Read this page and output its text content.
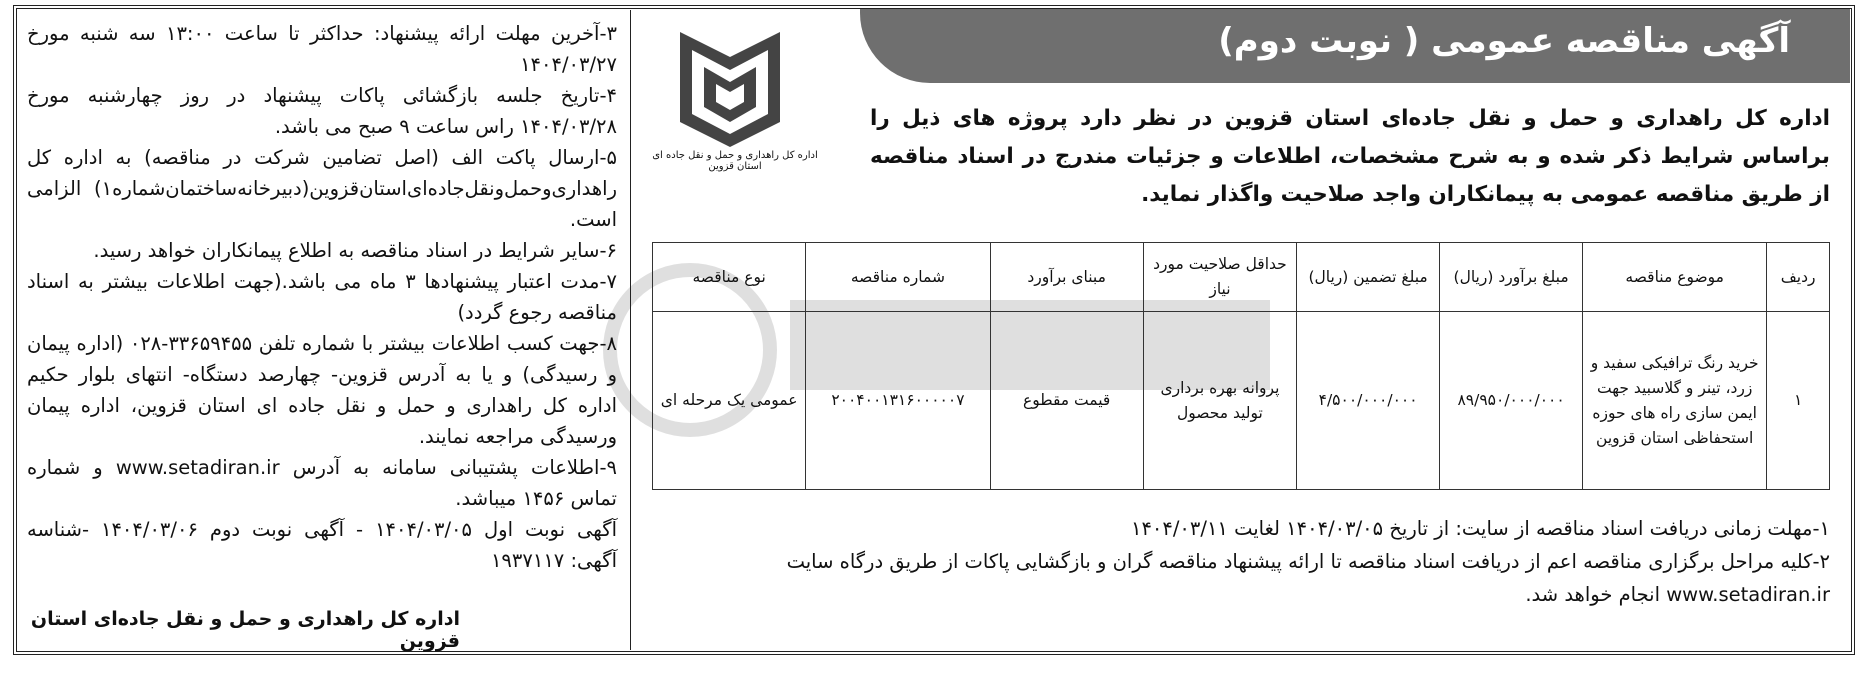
آگهی مناقصه عمومی ( نوبت دوم)
اداره کل راهداری و حمل و نقل جاده ای استان قزوین
اداره کل راهداری و حمل و نقل جاده‌ای استان قزوین در نظر دارد پروژه های ذیل را براساس شرایط ذکر شده و به شرح مشخصات، اطلاعات و جزئیات مندرج در اسناد مناقصه از طریق مناقصه عمومی به پیمانکاران واجد صلاحیت واگذار نماید.
ردیف	موضوع مناقصه	مبلغ برآورد (ریال)	مبلغ تضمین (ریال)	حداقل صلاحیت مورد نیاز	مبنای برآورد	شماره مناقصه	نوع مناقصه
۱	خرید رنگ ترافیکی سفید و زرد، تینر و گلاسبید جهت ایمن سازی راه های حوزه استحفاظی استان قزوین	۸۹/۹۵۰/۰۰۰/۰۰۰	۴/۵۰۰/۰۰۰/۰۰۰	پروانه بهره برداری تولید محصول	قیمت مقطوع	۲۰۰۴۰۰۱۳۱۶۰۰۰۰۰۷	عمومی یک مرحله ای

۱-مهلت زمانی دریافت اسناد مناقصه از سایت: از تاریخ ۱۴۰۴/۰۳/۰۵ لغایت ۱۴۰۴/۰۳/۱۱

۲-کلیه مراحل برگزاری مناقصه اعم از دریافت اسناد مناقصه تا ارائه پیشنهاد مناقصه گران و بازگشایی پاکات از طریق درگاه سایت www.setadiran.ir انجام خواهد شد.

۳-آخرین مهلت ارائه پیشنهاد: حداکثر تا ساعت ۱۳:۰۰ سه شنبه مورخ ۱۴۰۴/۰۳/۲۷

۴-تاریخ جلسه بازگشائی پاکات پیشنهاد در روز چهارشنبه مورخ ۱۴۰۴/۰۳/۲۸ راس ساعت ۹ صبح می باشد.

۵-ارسال پاکت الف (اصل تضامین شرکت در مناقصه) به اداره کل راهداری‌وحمل‌ونقل‌جاده‌ای‌استان‌قزوین(دبیرخانه‌ساختمان‌شماره۱) الزامی است.

۶-سایر شرایط در اسناد مناقصه به اطلاع پیمانکاران خواهد رسید.

۷-مدت اعتبار پیشنهادها ۳ ماه می باشد.(جهت اطلاعات بیشتر به اسناد مناقصه رجوع گردد)

۸-جهت کسب اطلاعات بیشتر با شماره تلفن ۳۳۶۵۹۴۵۵-۰۲۸ (اداره پیمان و رسیدگی) و یا به آدرس قزوین- چهارصد دستگاه- انتهای بلوار حکیم اداره کل راهداری و حمل و نقل جاده ای استان قزوین، اداره پیمان ورسیدگی مراجعه نمایند.

۹-اطلاعات پشتیبانی سامانه به آدرس www.setadiran.ir و شماره تماس ۱۴۵۶ میباشد.

آگهی نوبت اول ۱۴۰۴/۰۳/۰۵ - آگهی نوبت دوم ۱۴۰۴/۰۳/۰۶ -شناسه آگهی: ۱۹۳۷۱۱۷

اداره کل راهداری و حمل و نقل جاده‌ای استان قزوین
